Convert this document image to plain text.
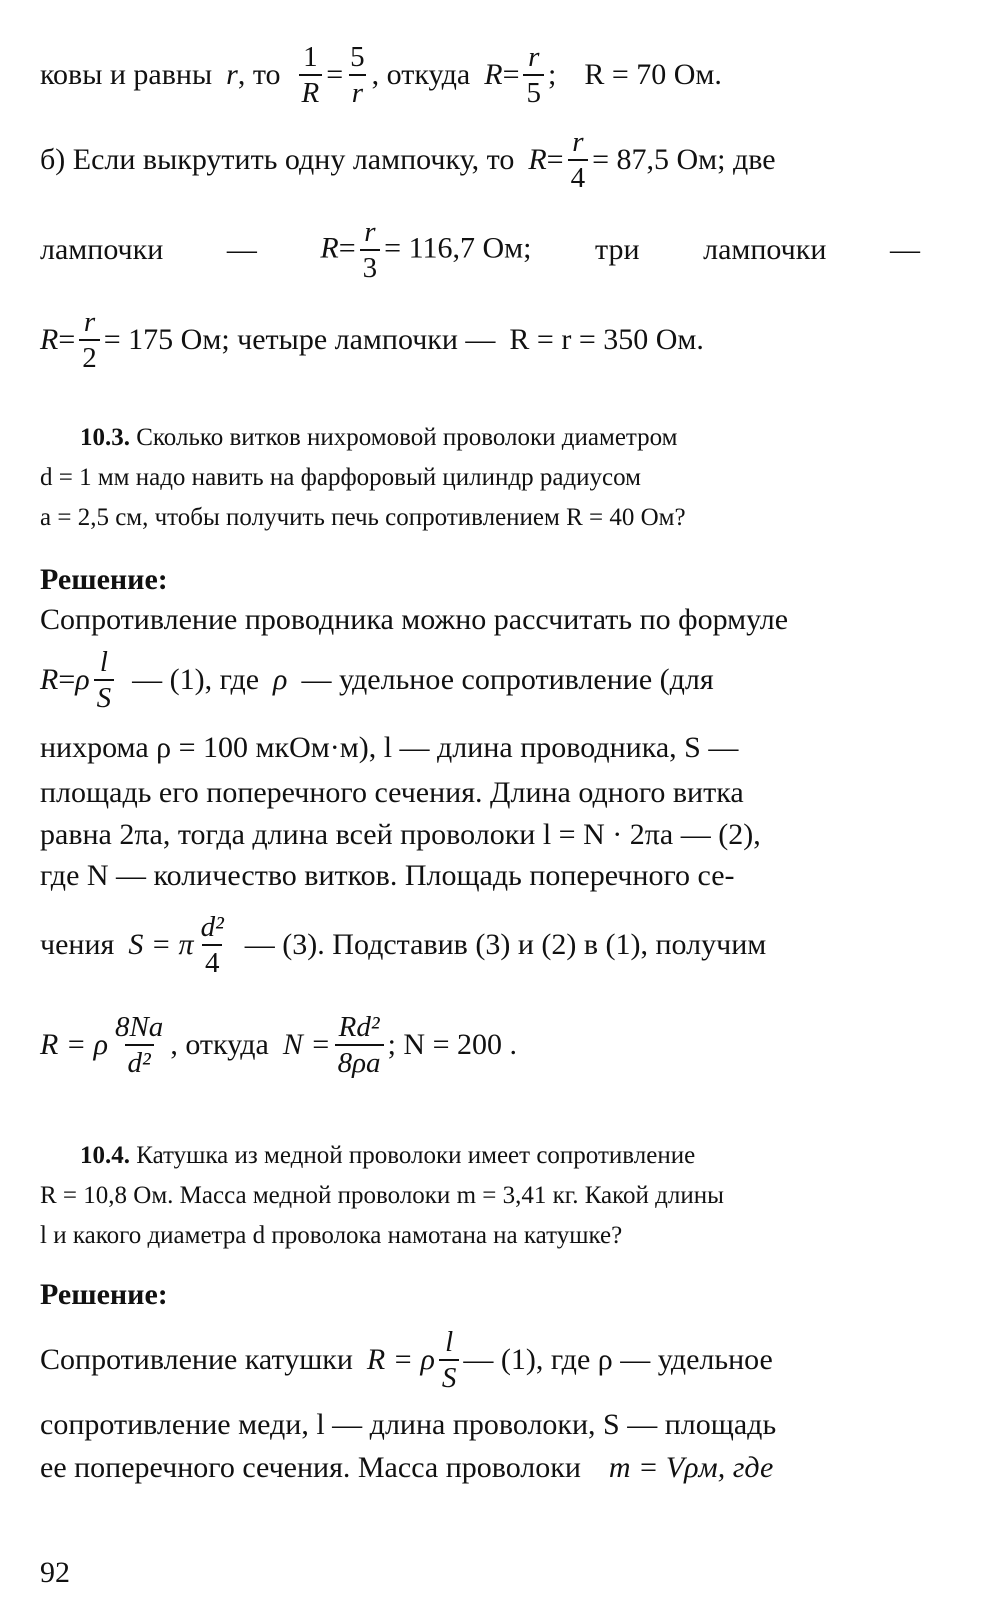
ковы и равны r , то $\frac{1}{R} = \frac{5}{r}$ , откуда $R = \frac{r}{5}$ ; R = 70 Ом.
б) Если выкрутить одну лампочку, то $R = \frac{r}{4} = 87,5$ Ом; две
лампочки — $R= \frac{r}{3} = 116,7$ Ом; три лампочки —
$R = \frac{r}{2} = 175$ Ом; четыре лампочки — R = r = 350 Ом.
10.3. Сколько витков нихромовой проволоки диаметром
d = 1 мм надо навить на фарфоровый цилиндр радиусом
a = 2,5 см, чтобы получить печь сопротивлением R = 40 Ом?
Решение:
Сопротивление проводника можно рассчитать по формуле
R = ρ $\frac{l}{S}$ — (1), где ρ — удельное сопротивление (для
нихрома ρ = 100 мкОм·м), l — длина проводника, S —
площадь его поперечного сечения. Длина одного витка
равна 2πa, тогда длина всей проволоки l = N · 2πa — (2),
где N — количество витков. Площадь поперечного се-
чения S = π $\frac{\text{d²}}{4}$ — (3). Подставив (3) и (2) в (1), получим
R = ρ $\frac{8Na}{\text{d²}}$ , откуда $N = \frac{\text{Rd²}}{8\rho a}$ ; N = 200 .
10.4.
Катушка из медной проволоки имеет сопротивление
R = 10,8 Ом. Масса медной проволоки m = 3,41 кг. Какой длины
l и какого диаметра d проволока намотана на катушке?
Решение:
Сопротивление катушки R = ρ $\frac{l}{S}$ — (1), где ρ — удельное
сопротивление меди, l — длина проволоки, S — площадь
ее поперечного сечения. Масса проволоки m = Vρм, где
92
